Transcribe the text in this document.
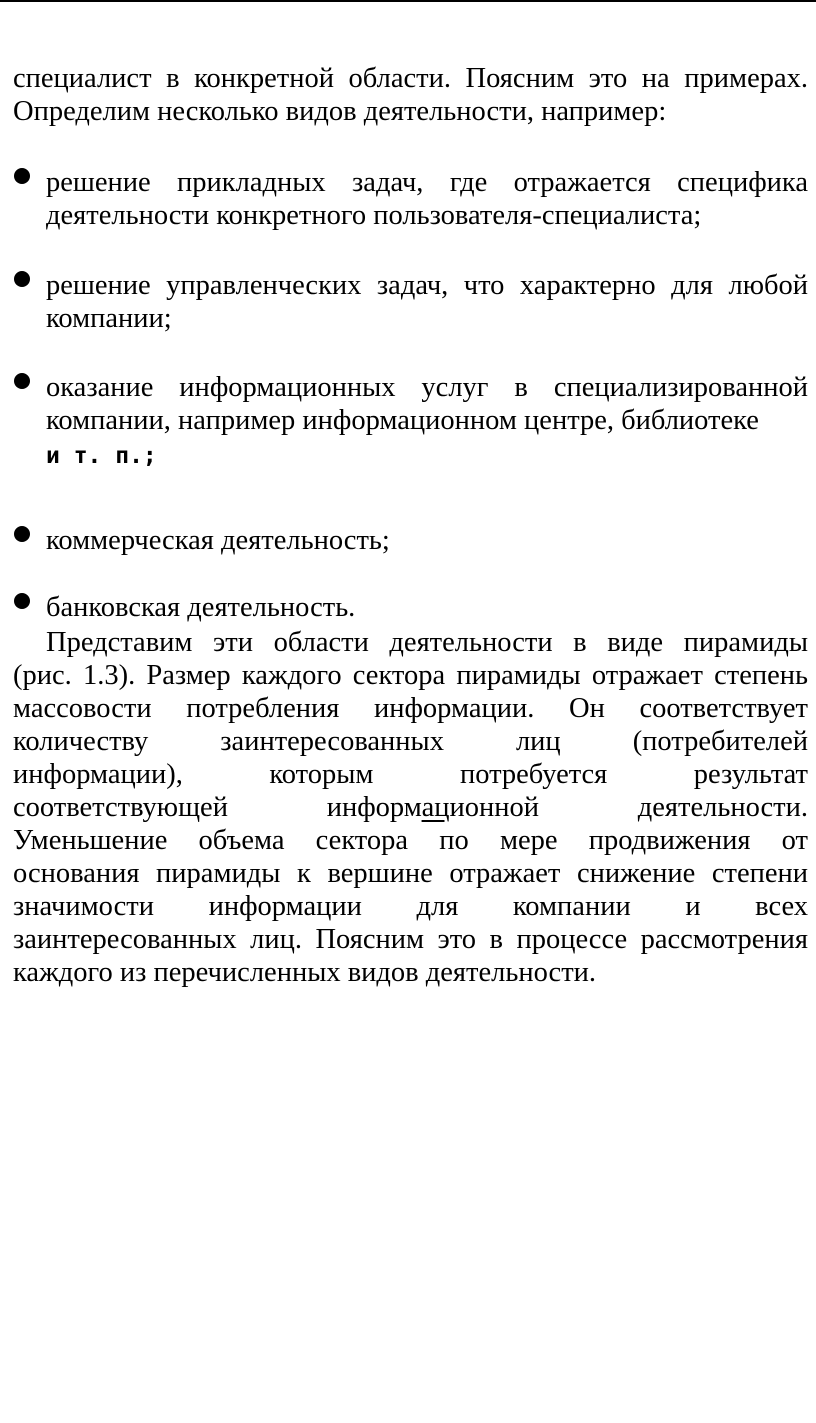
специалист в конкретной области. Поясним это на примерах.
Определим несколько видов деятельности, например:
решение прикладных задач, где отражается специфика
деятельности конкретного пользователя-специалиста;
решение управленческих задач, что характерно для любой
компании;
оказание информационных услуг в специализированной
компании, например информационном центре, библиотеке
и т. п.;
коммерческая деятельность;
банковская деятельность.
Представим эти области деятельности в виде пирамиды
(рис. 1.3). Размер каждого сектора пирамиды отражает степень
массовости потребления информации. Он соответствует
количеству заинтересованных лиц (потребителей
информации), которым потребуется результат
соответствующей	информационной	деятельности.
Уменьшение объема сектора по мере продвижения от
основания пирамиды к вершине отражает снижение степени
значимости информации для компании и всех
заинтересованных лиц. Поясним это в процессе рассмотрения
каждого из перечисленных видов деятельности.
